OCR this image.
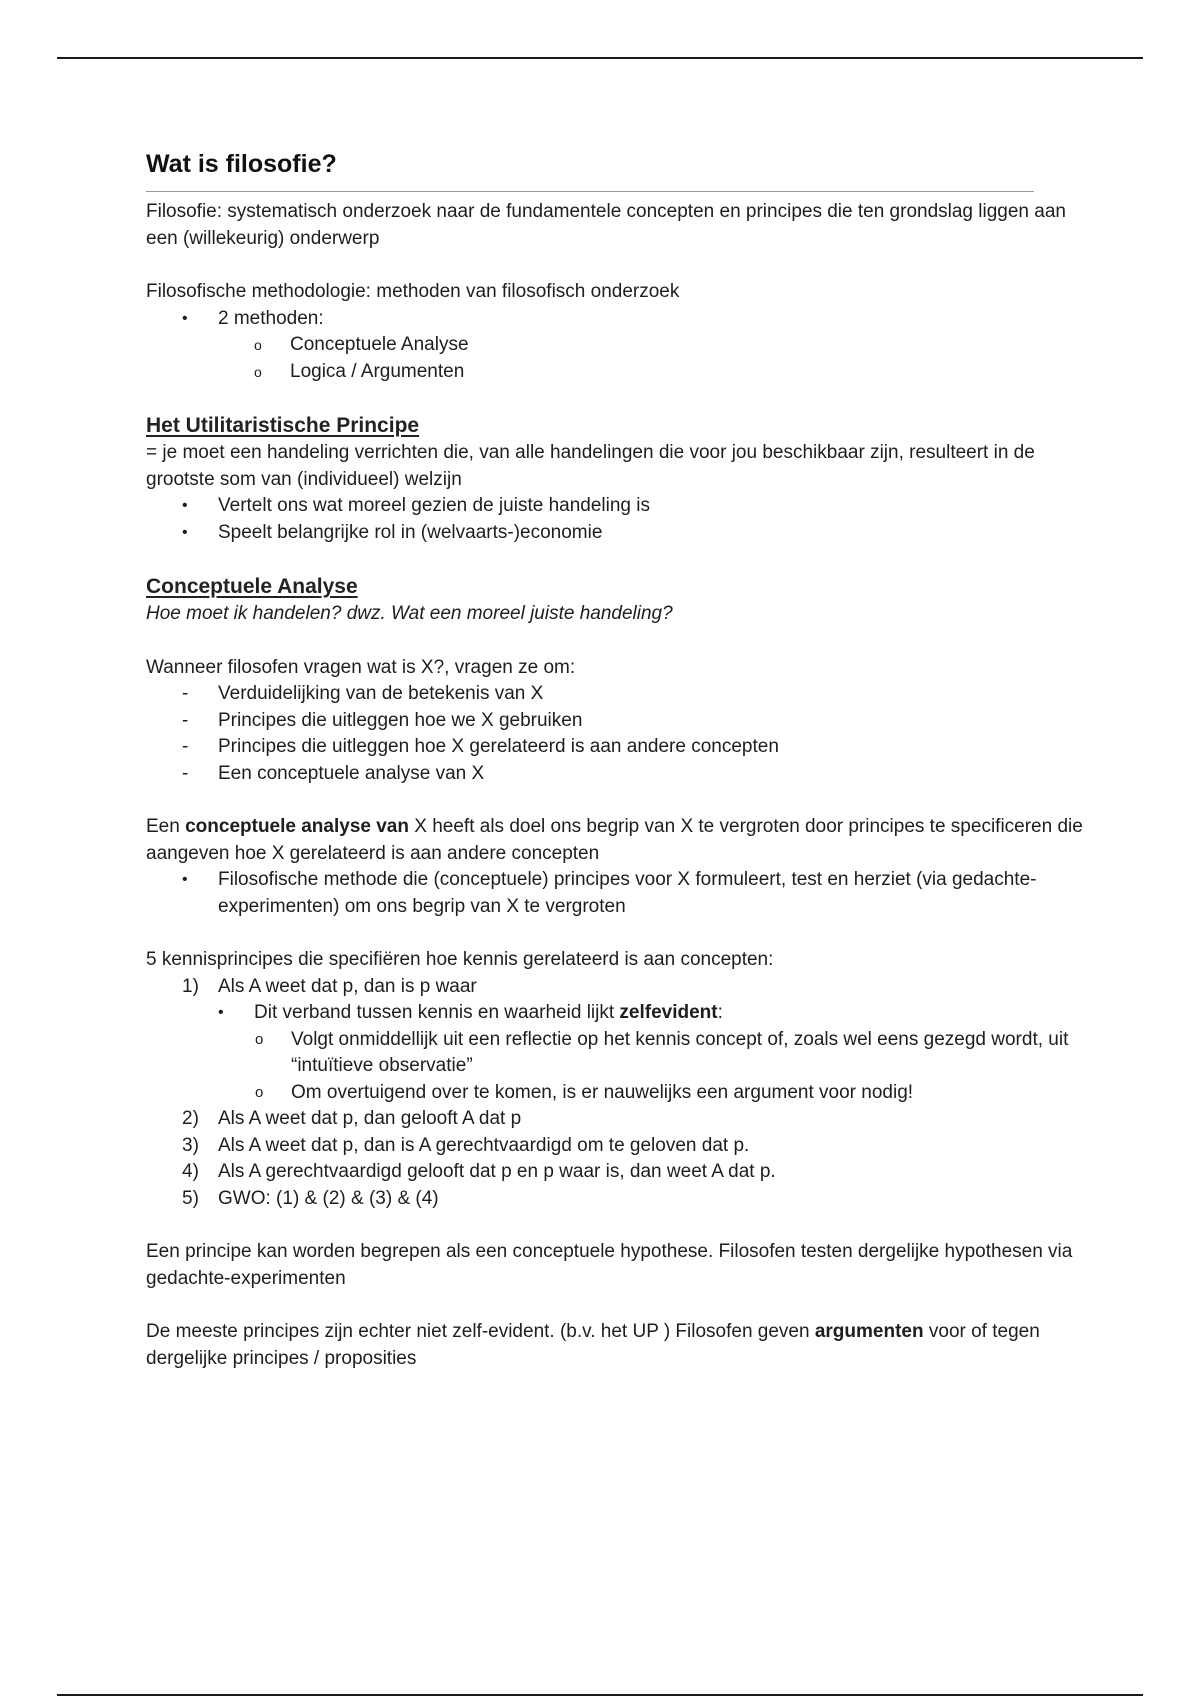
Wat is filosofie?

Filosofie: systematisch onderzoek naar de fundamentele concepten en principes die ten grondslag liggen aan een (willekeurig) onderwerp

Filosofische methodologie: methoden van filosofisch onderzoek

• 2 methoden:
o Conceptuele Analyse
o Logica / Argumenten
Het Utilitaristische Principe

= je moet een handeling verrichten die, van alle handelingen die voor jou beschikbaar zijn, resulteert in de grootste som van (individueel) welzijn

• Vertelt ons wat moreel gezien de juiste handeling is
• Speelt belangrijke rol in (welvaarts-)economie
Conceptuele Analyse

Hoe moet ik handelen? dwz. Wat een moreel juiste handeling?

Wanneer filosofen vragen wat is X?, vragen ze om:

- Verduidelijking van de betekenis van X
- Principes die uitleggen hoe we X gebruiken
- Principes die uitleggen hoe X gerelateerd is aan andere concepten
- Een conceptuele analyse van X

Een conceptuele analyse van X heeft als doel ons begrip van X te vergroten door principes te specificeren die aangeven hoe X gerelateerd is aan andere concepten

• Filosofische methode die (conceptuele) principes voor X formuleert, test en herziet (via gedachte-experimenten) om ons begrip van X te vergroten

5 kennisprincipes die specifiëren hoe kennis gerelateerd is aan concepten:

1) Als A weet dat p, dan is p waar
• Dit verband tussen kennis en waarheid lijkt zelfevident:
o Volgt onmiddellijk uit een reflectie op het kennis concept of, zoals wel eens gezegd wordt, uit “intuïtieve observatie”
o Om overtuigend over te komen, is er nauwelijks een argument voor nodig!
2) Als A weet dat p, dan gelooft A dat p
3) Als A weet dat p, dan is A gerechtvaardigd om te geloven dat p.
4) Als A gerechtvaardigd gelooft dat p en p waar is, dan weet A dat p.
5) GWO: (1) & (2) & (3) & (4)

Een principe kan worden begrepen als een conceptuele hypothese. Filosofen testen dergelijke hypothesen via gedachte-experimenten

De meeste principes zijn echter niet zelf-evident. (b.v. het UP ) Filosofen geven argumenten voor of tegen dergelijke principes / proposities
